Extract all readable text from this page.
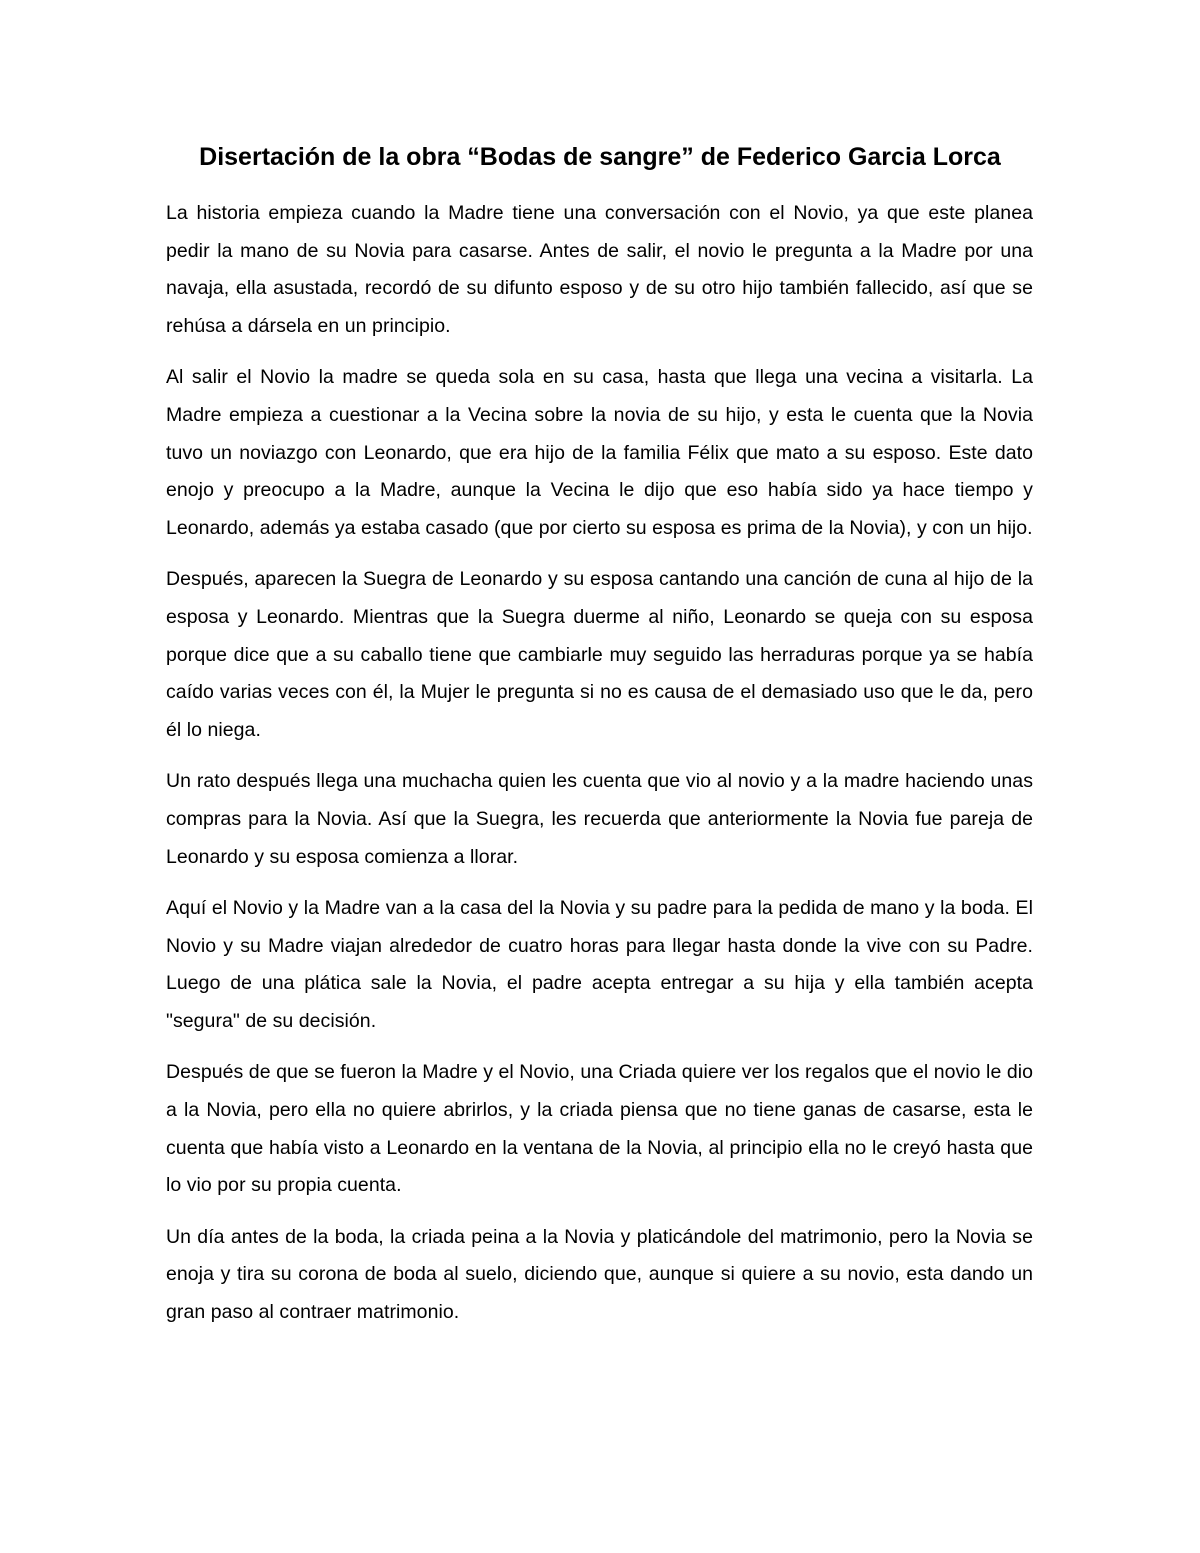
Disertación de la obra “Bodas de sangre” de Federico Garcia Lorca

La historia empieza cuando la Madre tiene una conversación con el Novio, ya que este planea pedir la mano de su Novia para casarse. Antes de salir, el novio le pregunta a la Madre por una navaja, ella asustada, recordó de su difunto esposo y de su otro hijo también fallecido, así que se rehúsa a dársela en un principio.

Al salir el Novio la madre se queda sola en su casa, hasta que llega una vecina a visitarla. La Madre empieza a cuestionar a la Vecina sobre la novia de su hijo, y esta le cuenta que la Novia tuvo un noviazgo con Leonardo, que era hijo de la familia Félix que mato a su esposo. Este dato enojo y preocupo a la Madre, aunque la Vecina le dijo que eso había sido ya hace tiempo y Leonardo, además ya estaba casado (que por cierto su esposa es prima de la Novia), y con un hijo.

Después, aparecen la Suegra de Leonardo y su esposa cantando una canción de cuna al hijo de la esposa y Leonardo. Mientras que la Suegra duerme al niño, Leonardo se queja con su esposa porque dice que a su caballo tiene que cambiarle muy seguido las herraduras porque ya se había caído varias veces con él, la Mujer le pregunta si no es causa de el demasiado uso que le da, pero él lo niega.

Un rato después llega una muchacha quien les cuenta que vio al novio y a la madre haciendo unas compras para la Novia. Así que la Suegra, les recuerda que anteriormente la Novia fue pareja de Leonardo y su esposa comienza a llorar.

Aquí el Novio y la Madre van a la casa del la Novia y su padre para la pedida de mano y la boda. El Novio y su Madre viajan alrededor de cuatro horas para llegar hasta donde la vive con su Padre. Luego de una plática sale la Novia, el padre acepta entregar a su hija y ella también acepta "segura" de su decisión.

Después de que se fueron la Madre y el Novio, una Criada quiere ver los regalos que el novio le dio a la Novia, pero ella no quiere abrirlos, y la criada piensa que no tiene ganas de casarse, esta le cuenta que había visto a Leonardo en la ventana de la Novia, al principio ella no le creyó hasta que lo vio por su propia cuenta.

Un día antes de la boda, la criada peina a la Novia y platicándole del matrimonio, pero la Novia se enoja y tira su corona de boda al suelo, diciendo que, aunque si quiere a su novio, esta dando un gran paso al contraer matrimonio.
